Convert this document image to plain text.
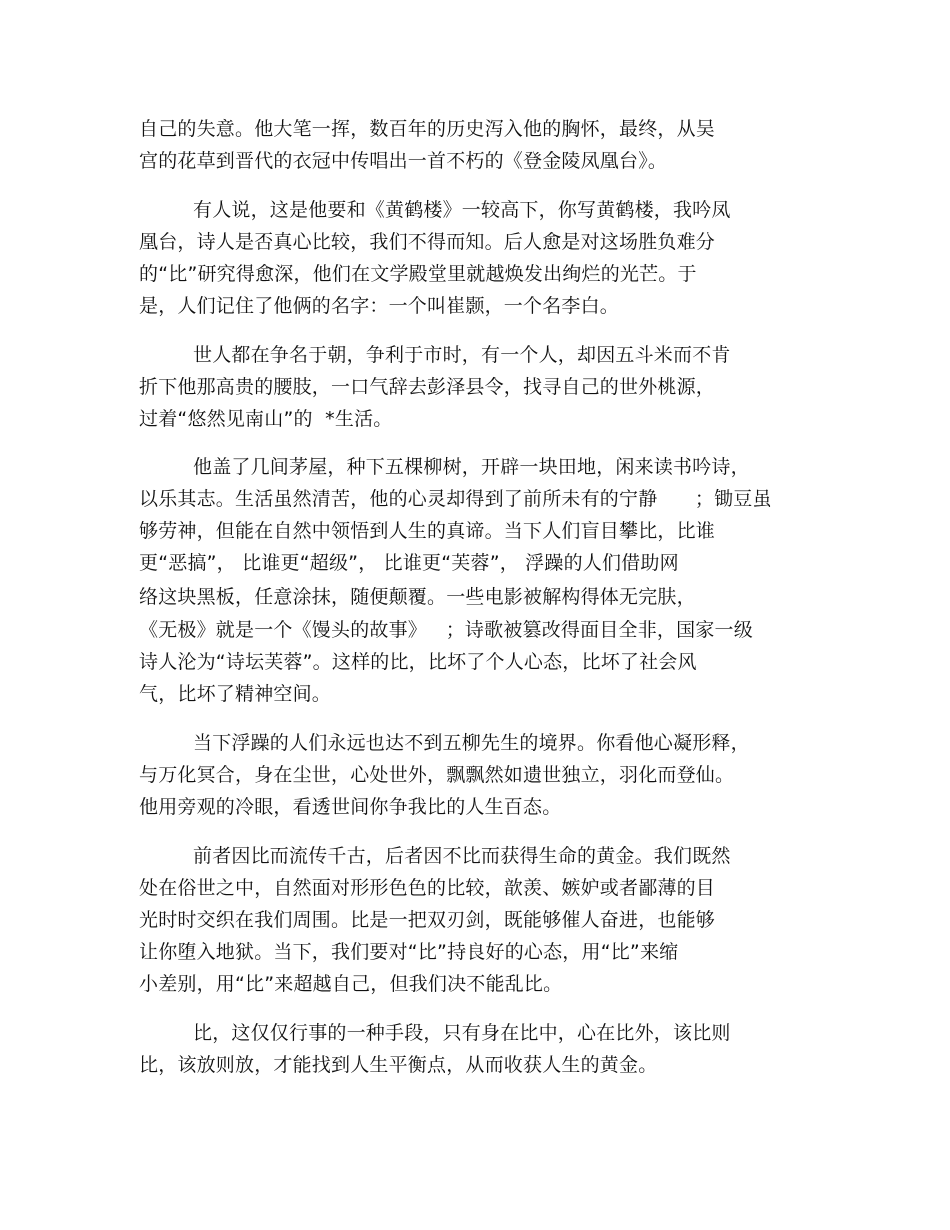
自己的失意。他大笔一挥，数百年的历史泻入他的胸怀，最终，从吴
宫的花草到晋代的衣冠中传唱出一首不朽的《登金陵凤凰台》。
有人说，这是他要和《黄鹤楼》一较高下，你写黄鹤楼，我吟凤
凰台，诗人是否真心比较，我们不得而知。后人愈是对这场胜负难分
的“比”研究得愈深，他们在文学殿堂里就越焕发出绚烂的光芒。于
是，人们记住了他俩的名字：一个叫崔颢，一个名李白。
世人都在争名于朝，争利于市时，有一个人，却因五斗米而不肯
折下他那高贵的腰肢，一口气辞去彭泽县令，找寻自己的世外桃源，
过着“悠然见南山”的  *生活。
他盖了几间茅屋，种下五棵柳树，开辟一块田地，闲来读书吟诗，
以乐其志。生活虽然清苦，他的心灵却得到了前所未有的宁静      ；锄豆虽
够劳神，但能在自然中领悟到人生的真谛。当下人们盲目攀比，比谁
更“恶搞”， 比谁更“超级”， 比谁更“芙蓉”， 浮躁的人们借助网
络这块黑板，任意涂抹，随便颠覆。一些电影被解构得体无完肤，
《无极》就是一个《馒头的故事》   ；诗歌被篡改得面目全非，国家一级
诗人沦为“诗坛芙蓉”。这样的比，比坏了个人心态，比坏了社会风
气，比坏了精神空间。
当下浮躁的人们永远也达不到五柳先生的境界。你看他心凝形释，
与万化冥合，身在尘世，心处世外，飘飘然如遗世独立，羽化而登仙。
他用旁观的冷眼，看透世间你争我比的人生百态。
前者因比而流传千古，后者因不比而获得生命的黄金。我们既然
处在俗世之中，自然面对形形色色的比较，歆羡、嫉妒或者鄙薄的目
光时时交织在我们周围。比是一把双刃剑，既能够催人奋进，也能够
让你堕入地狱。当下，我们要对“比”持良好的心态，用“比”来缩
小差别，用“比”来超越自己，但我们决不能乱比。
比，这仅仅行事的一种手段，只有身在比中，心在比外，该比则
比，该放则放，才能找到人生平衡点，从而收获人生的黄金。
